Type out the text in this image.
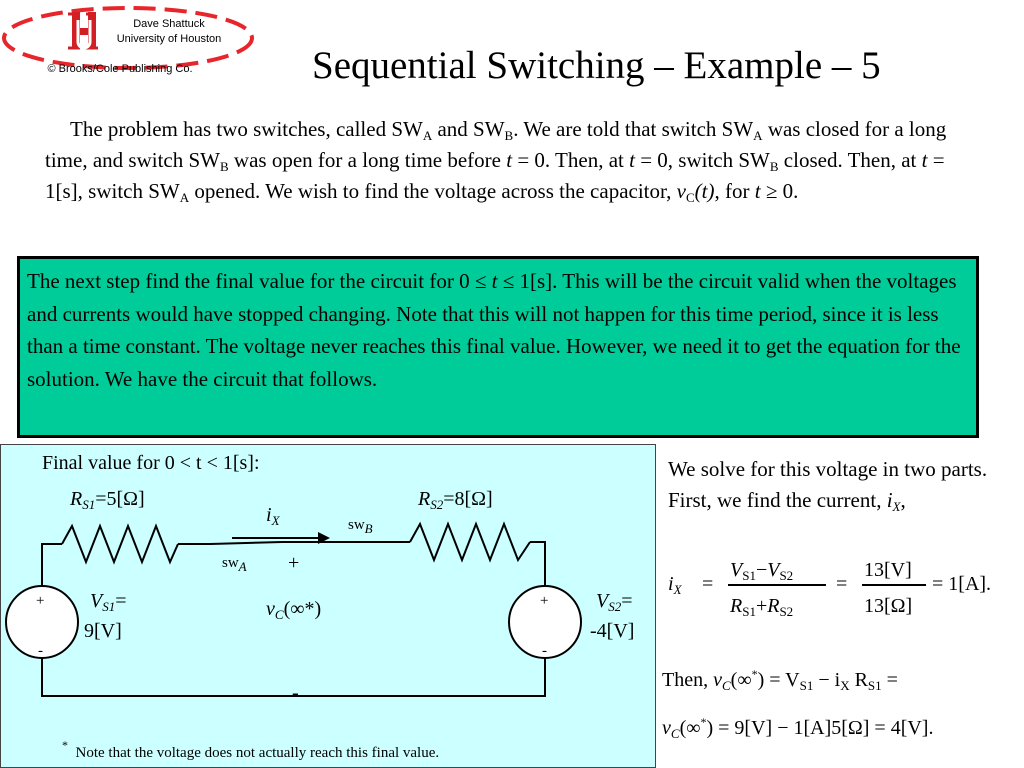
Dave Shattuck
University of Houston
© Brooks/Cole Publishing Co.	Sequential Switching – Example – 5
The problem has two switches, called $SW_A$ and $SW_B$. We are told that switch $SW_A$ was closed for a long time, and switch $SW_B$ was open for a long time before t = 0. Then, at t = 0, switch $SW_B$ closed. Then, at t = 1[s], switch $SW_A$ opened. We wish to find the voltage across the capacitor, $v_C(t)$, for t ≥ 0.
The next step find the final value for the circuit for 0 ≤ t ≤ 1[s]. This will be the circuit valid when the voltages and currents would have stopped changing. Note that this will not happen for this time period, since it is less than a time constant. The voltage never reaches this final value. However, we need it to get the equation for the solution. We have the circuit that follows.
Final value for 0 < t < 1[s]:
$R_{S1}=5[\Omega]$	$R_{S2}=8[\Omega]$
$i_X$	$sw_B$
$sw_A$ +
$v_C(\infty*)$
-
+
-
+
-
$V_{S1}=$
9[V]
$V_{S2}=$
-4[V]
* Note that the voltage does not actually reach this final value.
We solve for this voltage in two parts. First, we find the current, $i_X$,
$i_X$ =
$V_{S1}-V_{S2}$
$R_{S1}+R_{S2}$
=
13[V]
13[Ω]
= 1[A].
Then, $v_C(\infty^*) = V_{S1} - i_X$ $R_{S1}$ =
$v_C(\infty^*) = 9[V] - 1[A]5[\Omega] = 4[V]$.
